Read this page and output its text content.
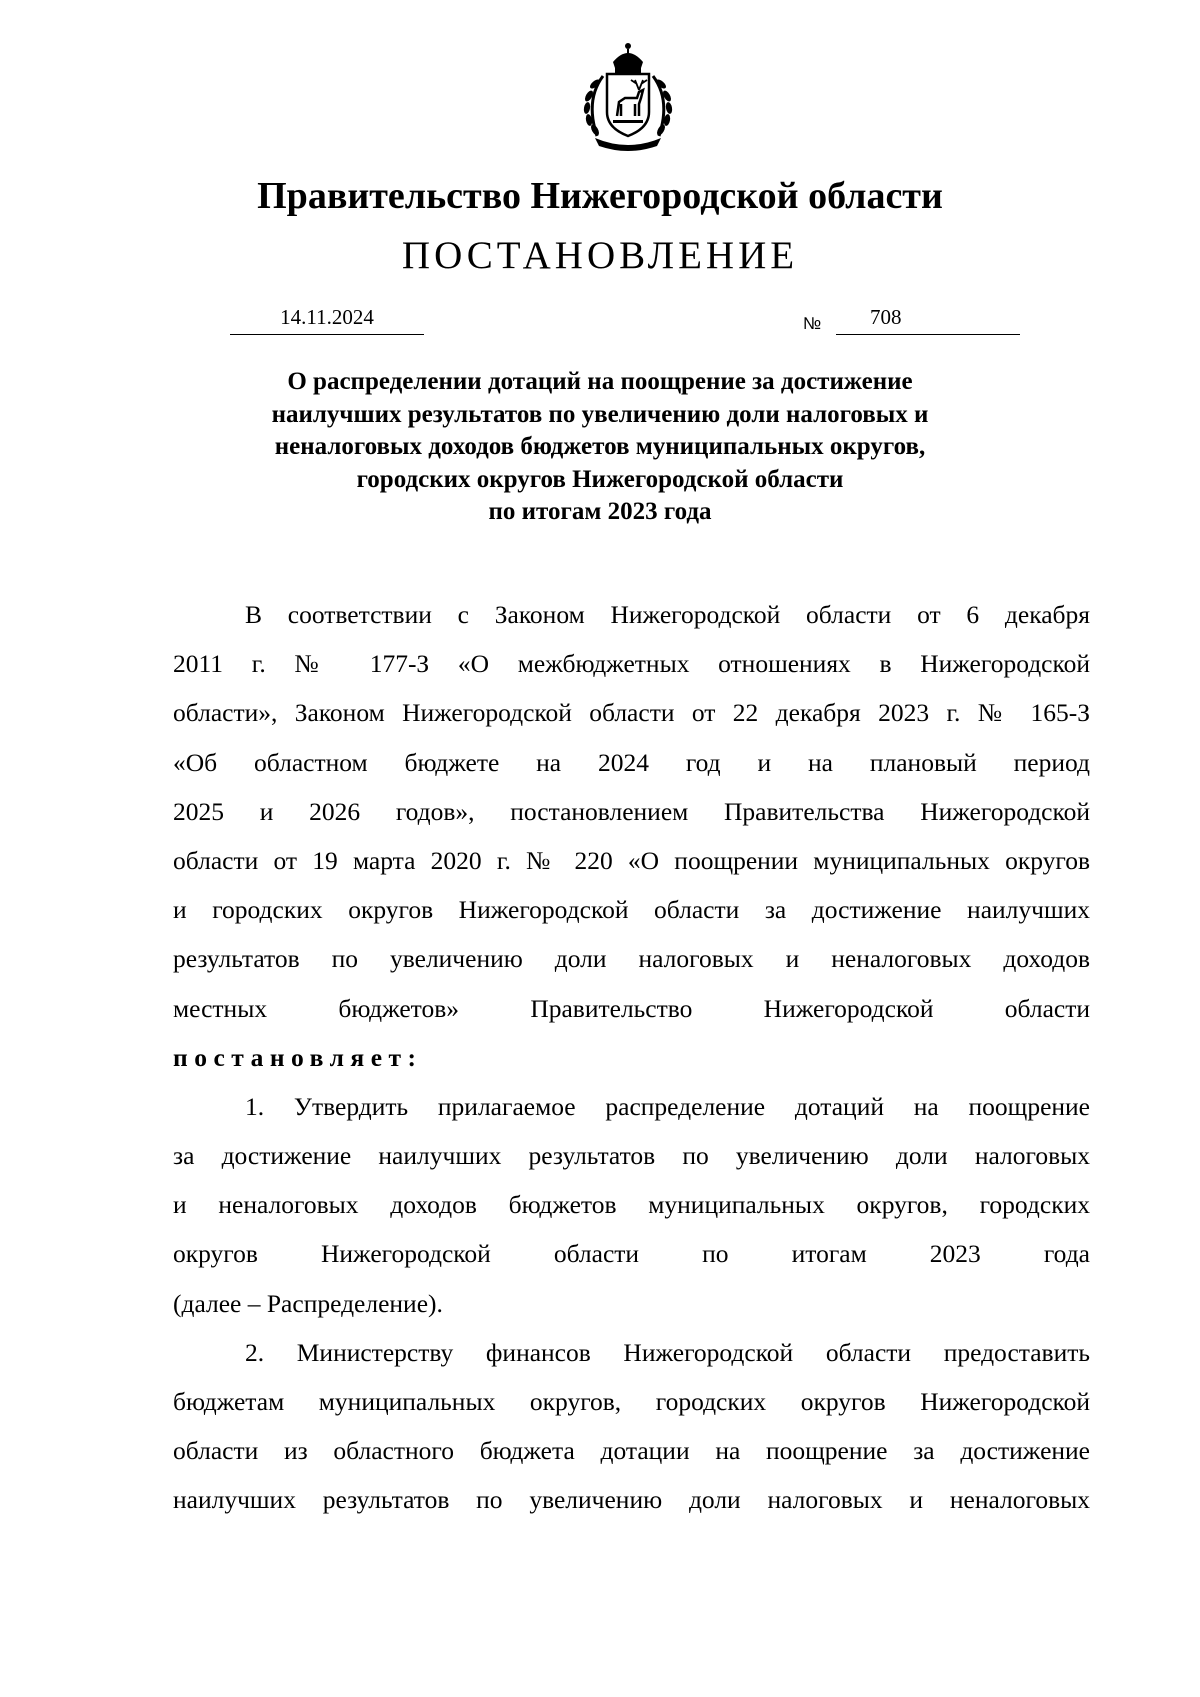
Правительство Нижегородской области
ПОСТАНОВЛЕНИЕ
14.11.2024	№	708
О распределении дотаций на поощрение за достижение
наилучших результатов по увеличению доли налоговых и
неналоговых доходов бюджетов муниципальных округов,
городских округов Нижегородской области
по итогам 2023 года
В соответствии с Законом Нижегородской области от 6 декабря
2011 г. № 177-З «О межбюджетных отношениях в Нижегородской
области», Законом Нижегородской области от 22 декабря 2023 г. № 165-З
«Об областном бюджете на 2024 год и на плановый период
2025 и 2026 годов», постановлением Правительства Нижегородской
области от 19 марта 2020 г. № 220 «О поощрении муниципальных округов
и городских округов Нижегородской области за достижение наилучших
результатов по увеличению доли налоговых и неналоговых доходов
местных бюджетов» Правительство Нижегородской области
постановляет:
1. Утвердить прилагаемое распределение дотаций на поощрение
за достижение наилучших результатов по увеличению доли налоговых
и неналоговых доходов бюджетов муниципальных округов, городских
округов Нижегородской области по итогам 2023 года
(далее – Распределение).
2. Министерству финансов Нижегородской области предоставить
бюджетам муниципальных округов, городских округов Нижегородской
области из областного бюджета дотации на поощрение за достижение
наилучших результатов по увеличению доли налоговых и неналоговых
